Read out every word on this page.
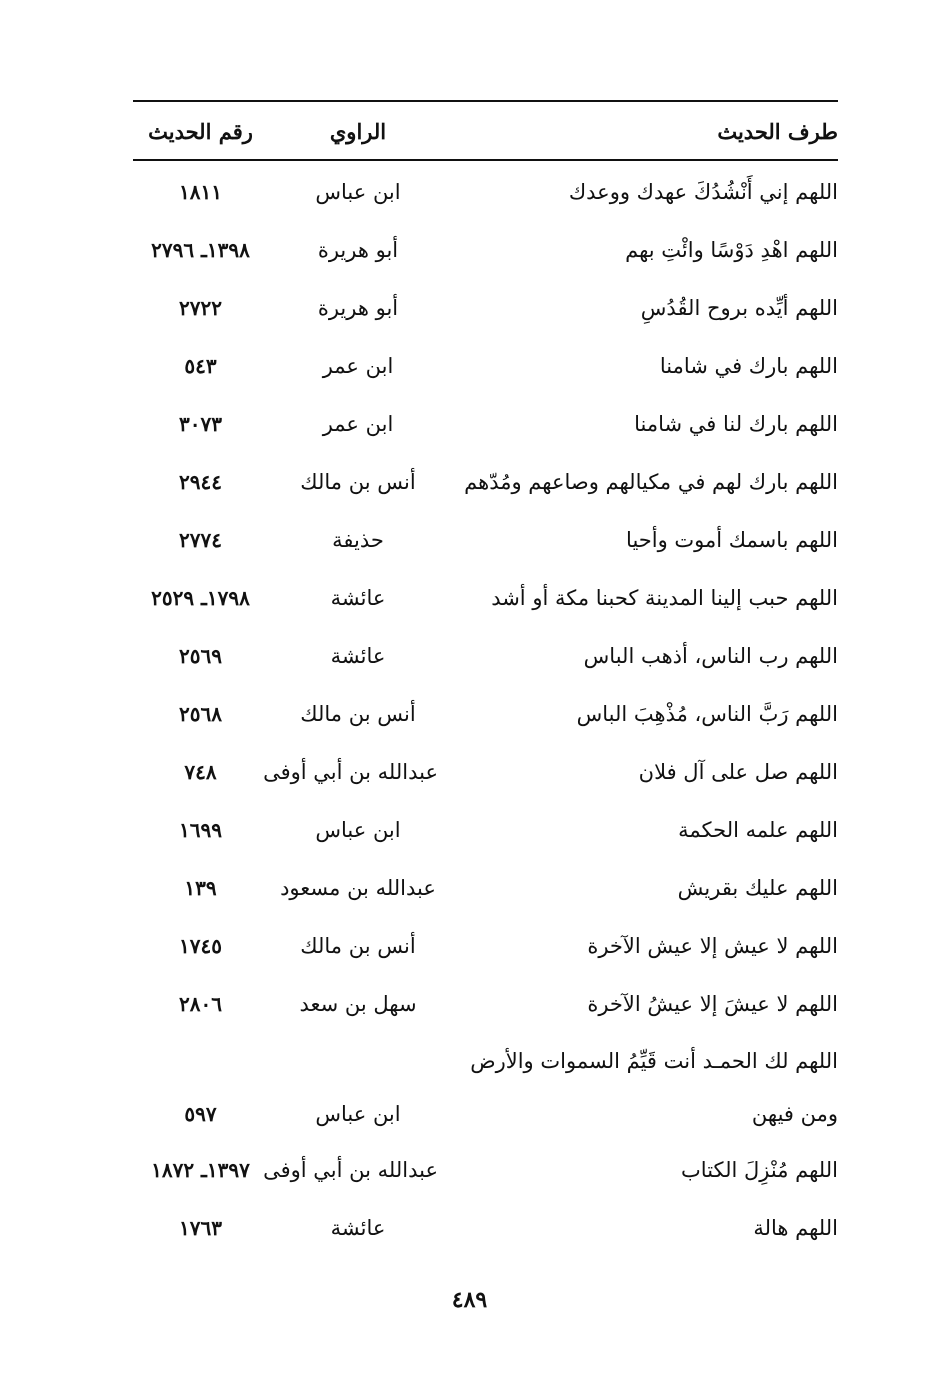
طرف الحديث
الراوي
رقم الحديث
اللهم إني أَنْشُدُكَ عهدك ووعدك
ابن عباس
١٨١١
اللهم اهْدِ دَوْسًا وائْتِ بهم
أبو هريرة
١٣٩٨ـ ٢٧٩٦
اللهم أيِّده بروح القُدُسِ
أبو هريرة
٢٧٢٢
اللهم بارك في شامنا
ابن عمر
٥٤٣
اللهم بارك لنا في شامنا
ابن عمر
٣٠٧٣
اللهم بارك لهم في مكيالهم وصاعهم ومُدّهم
أنس بن مالك
٢٩٤٤
اللهم باسمك أموت وأحيا
حذيفة
٢٧٧٤
اللهم حبب إلينا المدينة كحبنا مكة أو أشد
عائشة
١٧٩٨ـ ٢٥٢٩
اللهم رب الناس، أذهب الباس
عائشة
٢٥٦٩
اللهم رَبَّ الناس، مُذْهِبَ الباس
أنس بن مالك
٢٥٦٨
اللهم صل على آل فلان
عبدالله بن أبي أوفى
٧٤٨
اللهم علمه الحكمة
ابن عباس
١٦٩٩
اللهم عليك بقريش
عبدالله بن مسعود
١٣٩
اللهم لا عيش إلا عيش الآخرة
أنس بن مالك
١٧٤٥
اللهم لا عيشَ إلا عيشُ الآخرة
سهل بن سعد
٢٨٠٦
اللهم لك الحمـد أنت قَيِّمُ السموات والأرض
ومن فيهن
ابن عباس
٥٩٧
اللهم مُنْزِلَ الكتاب
عبدالله بن أبي أوفى
١٣٩٧ـ ١٨٧٢
اللهم هالة
عائشة
١٧٦٣
٤٨٩
